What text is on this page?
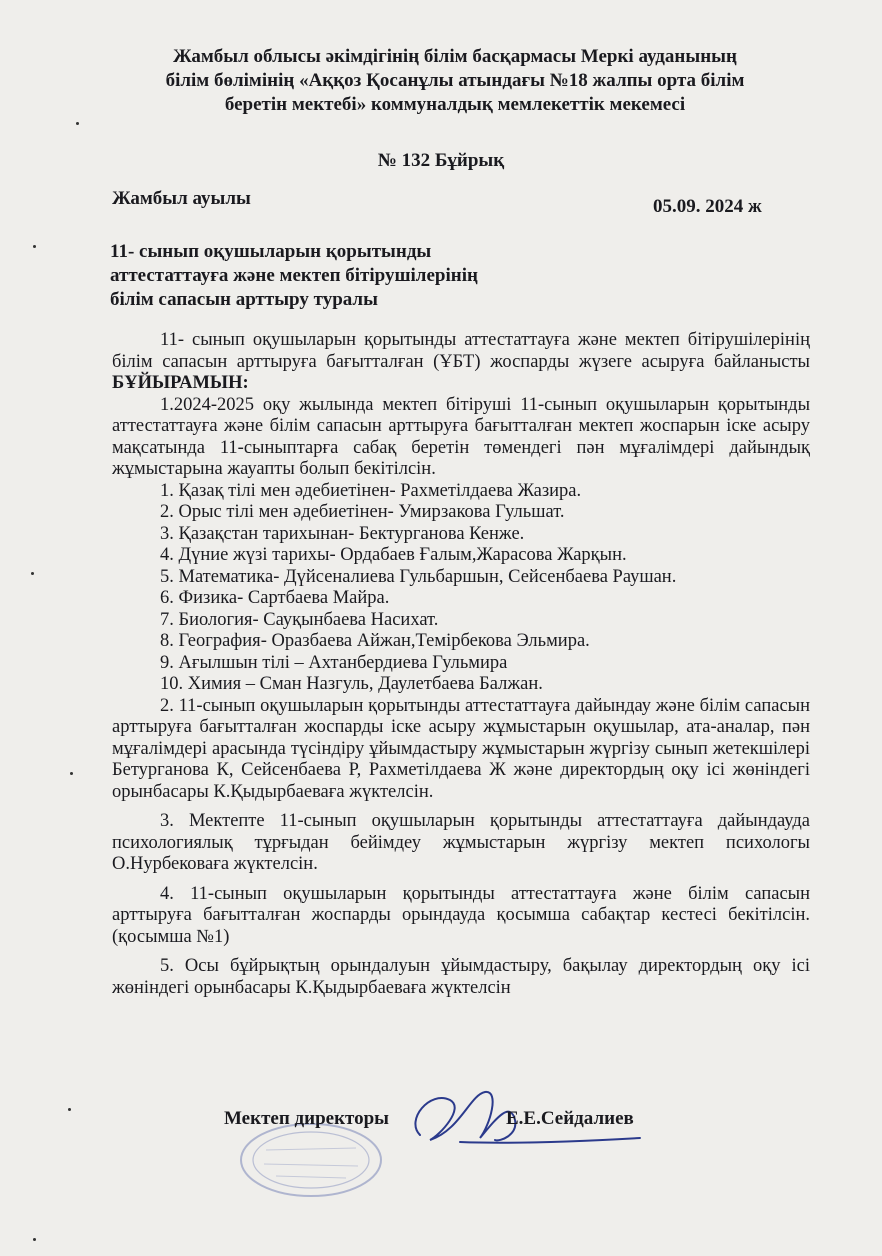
Жамбыл облысы әкімдігінің білім басқармасы Меркі ауданының
білім бөлімінің «Аққоз Қосанұлы атындағы №18 жалпы орта білім
беретін мектебі» коммуналдық мемлекеттік мекемесі
№ 132 Бұйрық
Жамбыл ауылы	05.09. 2024 ж
11- сынып оқушыларын қорытынды
аттестаттауға және мектеп бітірушілерінің
білім сапасын арттыру туралы

11- сынып оқушыларын қорытынды аттестаттауға және мектеп бітірушілерінің білім сапасын арттыруға бағытталған (ҰБТ) жоспарды жүзеге асыруға байланысты БҰЙЫРАМЫН:

1.2024-2025 оқу жылында мектеп бітіруші 11-сынып оқушыларын қорытынды аттестаттауға және білім сапасын арттыруға бағытталған мектеп жоспарын іске асыру мақсатында 11-сыныптарға сабақ беретін төмендегі пән мұғалімдері дайындық жұмыстарына жауапты болып бекітілсін.

1. Қазақ тілі мен әдебиетінен- Рахметілдаева Жазира.

2. Орыс тілі мен әдебиетінен- Умирзакова Гульшат.

3. Қазақстан тарихынан- Бектурганова Кенже.

4. Дүние жүзі тарихы- Ордабаев Ғалым,Жарасова Жарқын.

5. Математика- Дүйсеналиева Гульбаршын, Сейсенбаева Раушан.

6. Физика- Сартбаева Майра.

7. Биология- Сауқынбаева Насихат.

8. География- Оразбаева Айжан,Темірбекова Эльмира.

9. Ағылшын тілі – Ахтанбердиева Гульмира

10. Химия – Сман Назгуль, Даулетбаева Балжан.

2. 11-сынып оқушыларын қорытынды аттестаттауға дайындау және білім сапасын арттыруға бағытталған жоспарды іске асыру жұмыстарын оқушылар, ата-аналар, пән мұғалімдері арасында түсіндіру ұйымдастыру жұмыстарын жүргізу сынып жетекшілері Бетурганова К, Сейсенбаева Р, Рахметілдаева Ж және директордың оқу ісі жөніндегі орынбасары К.Қыдырбаеваға жүктелсін.

3. Мектепте 11-сынып оқушыларын қорытынды аттестаттауға дайындауда психологиялық тұрғыдан бейімдеу жұмыстарын жүргізу мектеп психологы О.Нурбековаға жүктелсін.

4. 11-сынып оқушыларын қорытынды аттестаттауға және білім сапасын арттыруға бағытталған жоспарды орындауда қосымша сабақтар кестесі бекітілсін. (қосымша №1)

5. Осы бұйрықтың орындалуын ұйымдастыру, бақылау директордың оқу ісі жөніндегі орынбасары К.Қыдырбаеваға жүктелсін

Мектеп директоры	Е.Е.Сейдалиев
